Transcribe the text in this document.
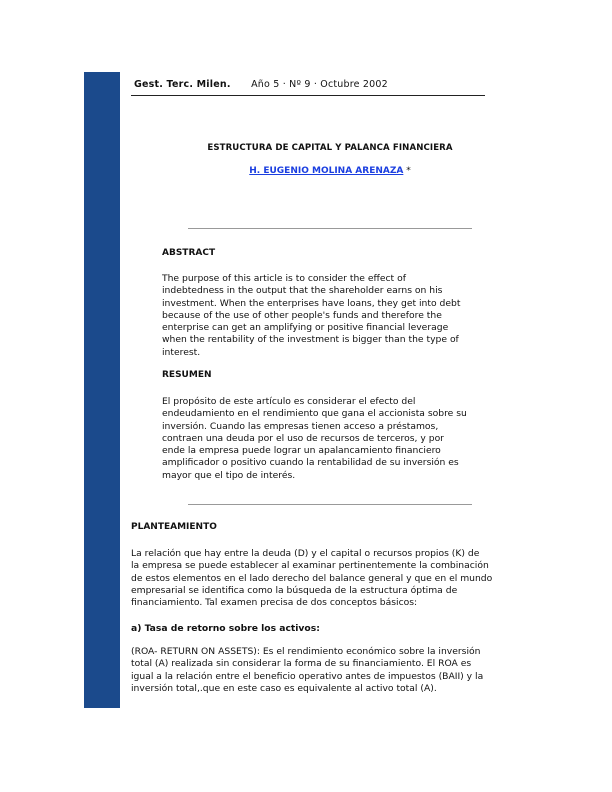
Gest. Terc. Milen. Año 5 · Nº 9 · Octubre 2002
ESTRUCTURA DE CAPITAL Y PALANCA FINANCIERA
H. EUGENIO MOLINA ARENAZA *
ABSTRACT
The purpose of this article is to consider the effect of
indebtedness in the output that the shareholder earns on his
investment. When the enterprises have loans, they get into debt
because of the use of other people's funds and therefore the
enterprise can get an amplifying or positive financial leverage
when the rentability of the investment is bigger than the type of
interest.
RESUMEN
El propósito de este artículo es considerar el efecto del
endeudamiento en el rendimiento que gana el accionista sobre su
inversión. Cuando las empresas tienen acceso a préstamos,
contraen una deuda por el uso de recursos de terceros, y por
ende la empresa puede lograr un apalancamiento financiero
amplificador o positivo cuando la rentabilidad de su inversión es
mayor que el tipo de interés.
PLANTEAMIENTO
La relación que hay entre la deuda (D) y el capital o recursos propios (K) de
la empresa se puede establecer al examinar pertinentemente la combinación
de estos elementos en el lado derecho del balance general y que en el mundo
empresarial se identifica como la búsqueda de la estructura óptima de
financiamiento. Tal examen precisa de dos conceptos básicos:
a) Tasa de retorno sobre los activos:
(ROA- RETURN ON ASSETS): Es el rendimiento económico sobre la inversión
total (A) realizada sin considerar la forma de su financiamiento. El ROA es
igual a la relación entre el beneficio operativo antes de impuestos (BAII) y la
inversión total,.que en este caso es equivalente al activo total (A).
